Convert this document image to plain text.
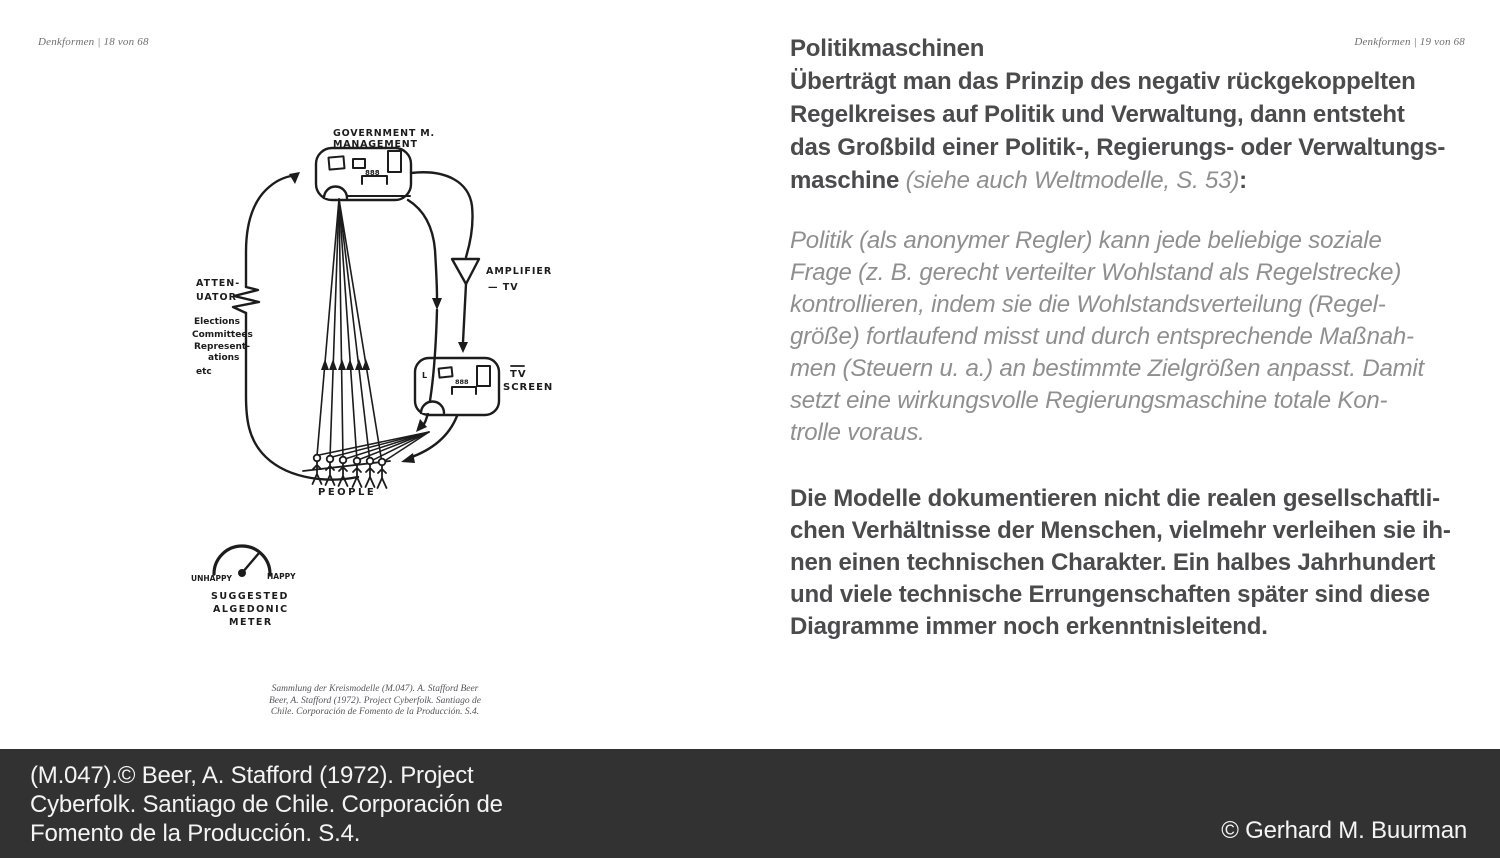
Denkformen | 18 von 68
GOVERNMENT M.
MANAGEMENT
888
ATTEN-
UATOR
Elections
Committees
Represent-
ations
etc
AMPLIFIER
— TV
L
888
TV
SCREEN
PEOPLE
UNHAPPY	HAPPY
SUGGESTED
ALGEDONIC
METER
Sammlung der Kreismodelle (M.047). A. Stafford Beer
Beer, A. Stafford (1972). Project Cyberfolk. Santiago de
Chile. Corporación de Fomento de la Producción. S.4.
Denkformen | 19 von 68
Politikmaschinen
Überträgt man das Prinzip des negativ rückgekoppelten
Regelkreises auf Politik und Verwaltung, dann entsteht
das Großbild einer Politik-, Regierungs- oder Verwaltungs-
maschine (siehe auch Weltmodelle, S. 53):
Politik (als anonymer Regler) kann jede beliebige soziale
Frage (z. B. gerecht verteilter Wohlstand als Regelstrecke)
kontrollieren, indem sie die Wohlstandsverteilung (Regel-
größe) fortlaufend misst und durch entsprechende Maßnah-
men (Steuern u. a.) an bestimmte Zielgrößen anpasst. Damit
setzt eine wirkungsvolle Regierungsmaschine totale Kon-
trolle voraus.
Die Modelle dokumentieren nicht die realen gesellschaftli-
chen Verhältnisse der Menschen, vielmehr verleihen sie ih-
nen einen technischen Charakter. Ein halbes Jahrhundert
und viele technische Errungenschaften später sind diese
Diagramme immer noch erkenntnisleitend.
(M.047).© Beer, A. Stafford (1972). Project
Cyberfolk. Santiago de Chile. Corporación de
Fomento de la Producción. S.4.	© Gerhard M. Buurman
